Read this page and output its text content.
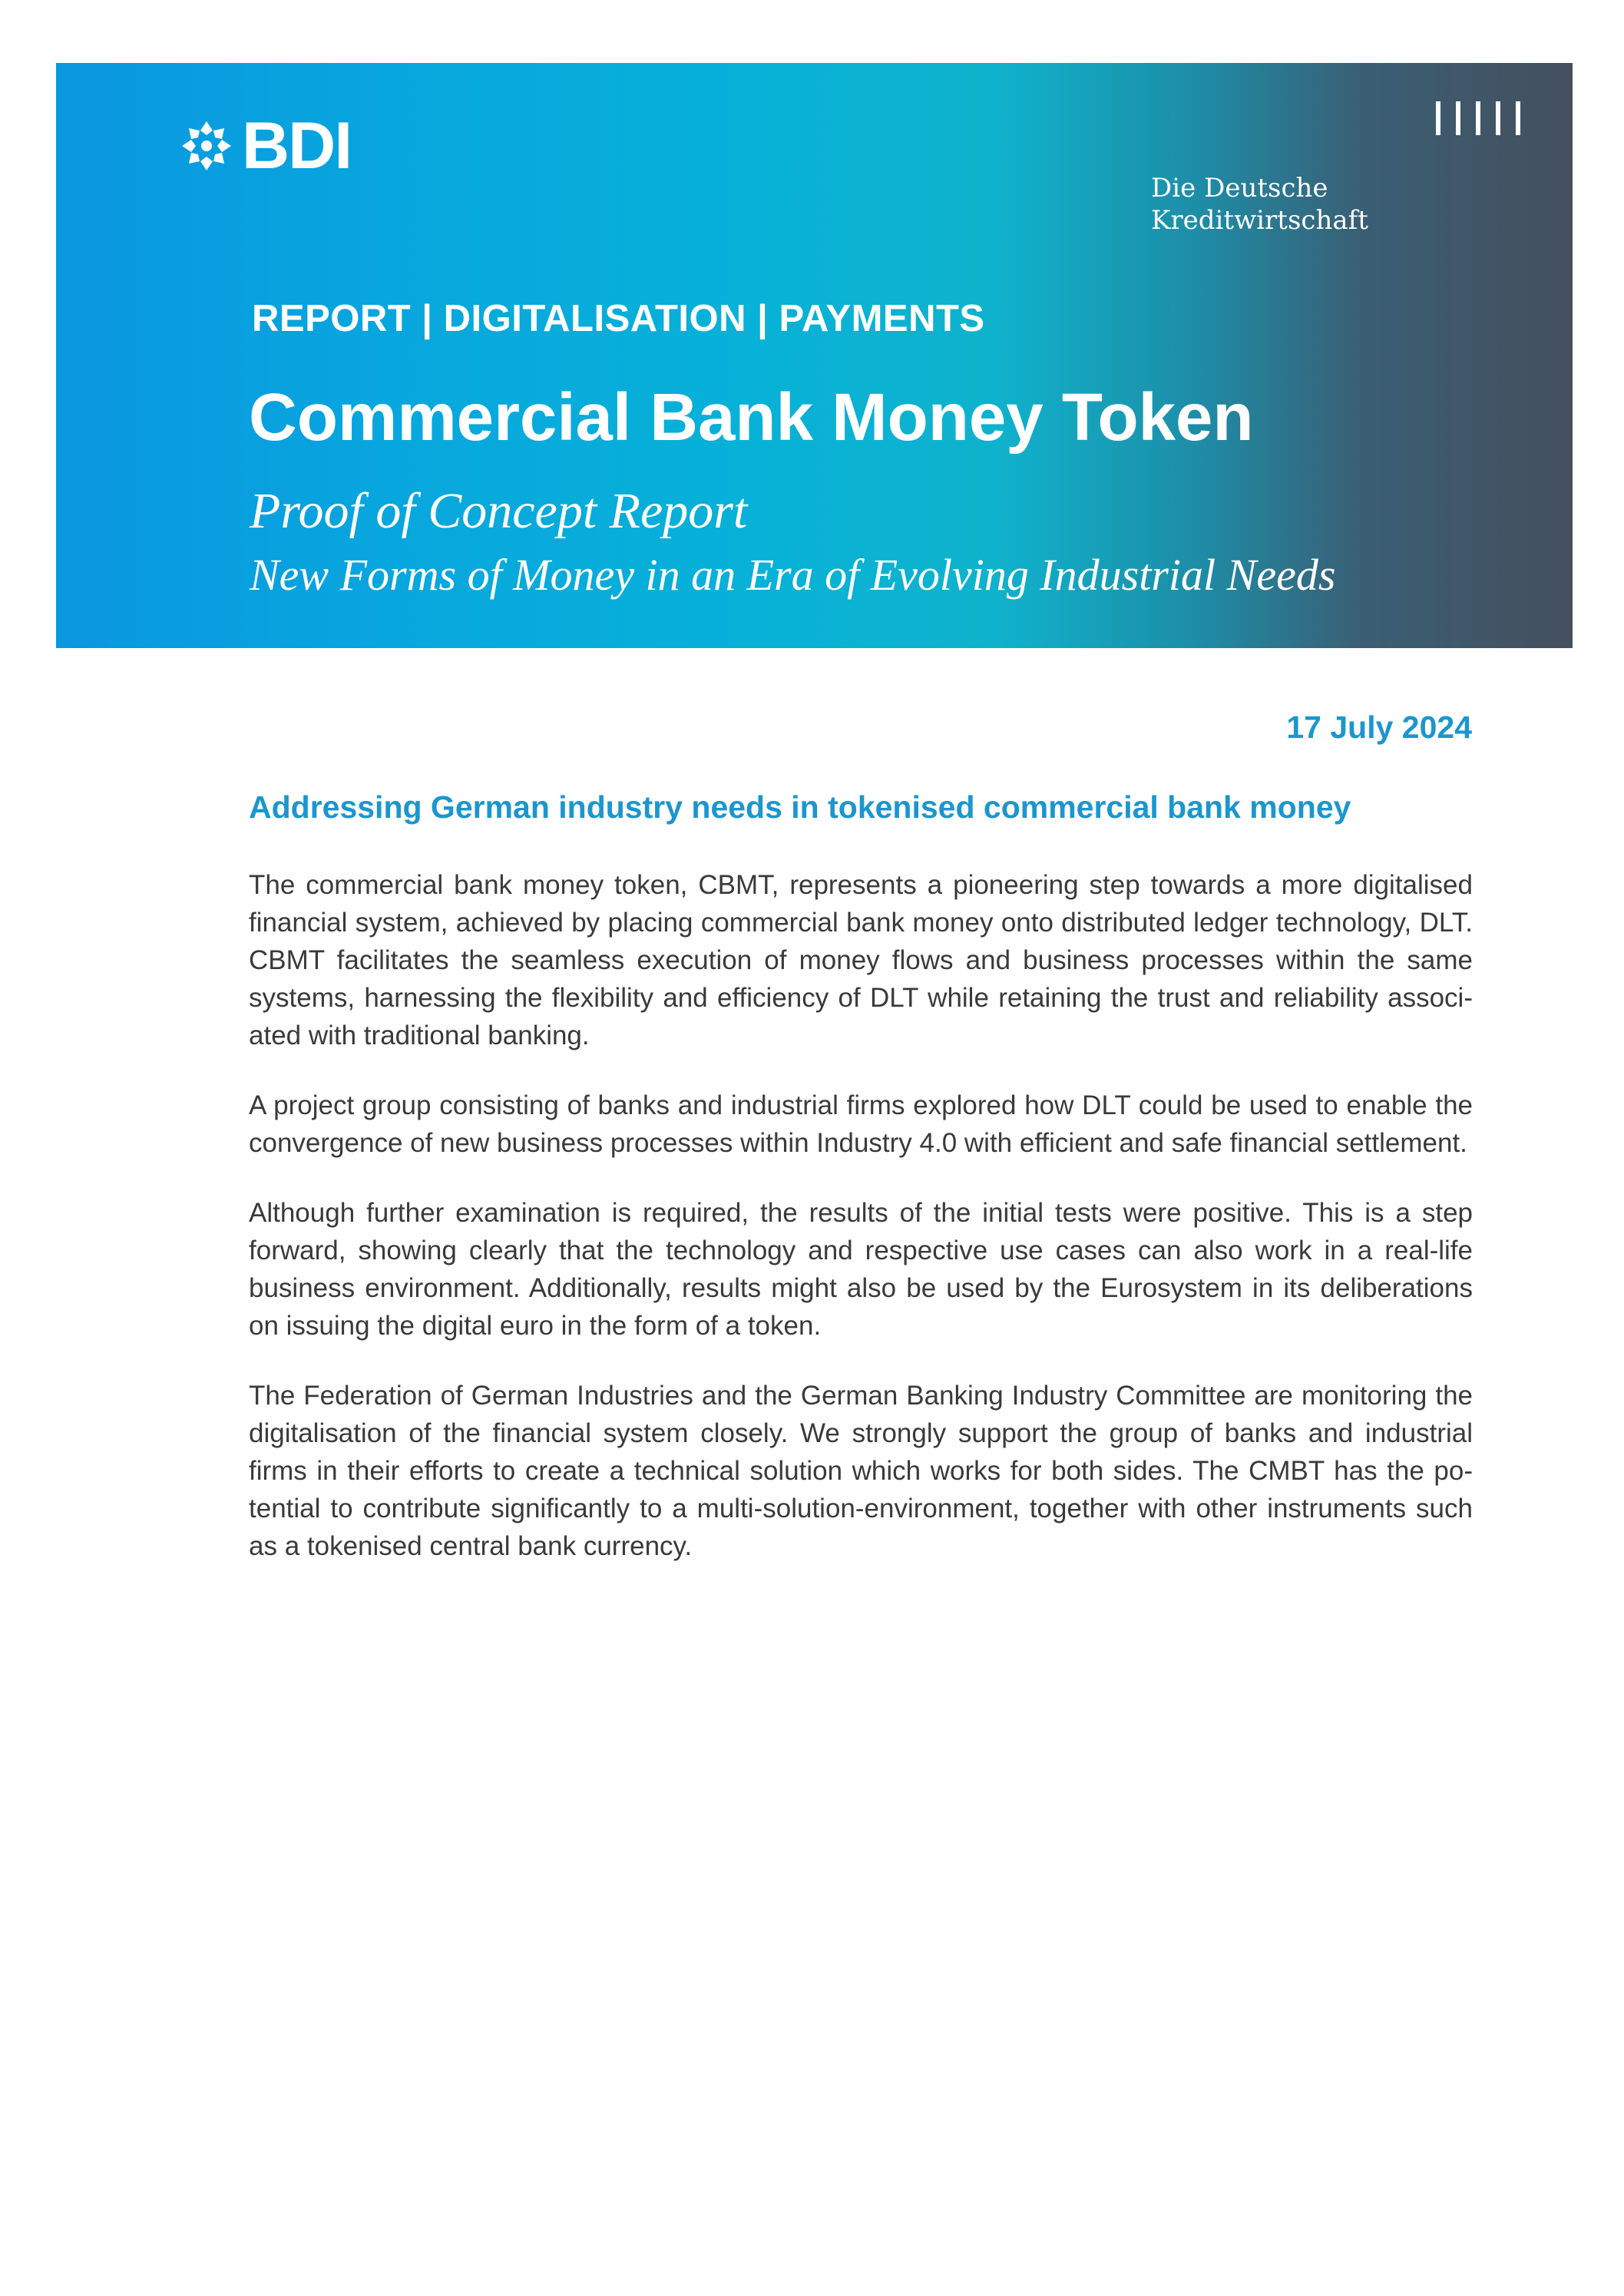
BDI
Die Deutsche
Kreditwirtschaft
REPORT | DIGITALISATION | PAYMENTS
Commercial Bank Money Token
Proof of Concept Report
New Forms of Money in an Era of Evolving Industrial Needs
17 July 2024
Addressing German industry needs in tokenised commercial bank money

The commercial bank money token, CBMT, represents a pioneering step towards a more digitalised financial system, achieved by placing commercial bank money onto distributed ledger technology, DLT. CBMT facilitates the seamless execution of money flows and business processes within the same systems, harnessing the flexibility and efficiency of DLT while retaining the trust and reliability associ-ated with traditional banking.

A project group consisting of banks and industrial firms explored how DLT could be used to enable the convergence of new business processes within Industry 4.0 with efficient and safe financial settlement.

Although further examination is required, the results of the initial tests were positive. This is a step forward, showing clearly that the technology and respective use cases can also work in a real-life business environment. Additionally, results might also be used by the Eurosystem in its deliberations on issuing the digital euro in the form of a token.

The Federation of German Industries and the German Banking Industry Committee are monitoring the digitalisation of the financial system closely. We strongly support the group of banks and industrial firms in their efforts to create a technical solution which works for both sides. The CMBT has the po-tential to contribute significantly to a multi-solution-environment, together with other instruments such as a tokenised central bank currency.
